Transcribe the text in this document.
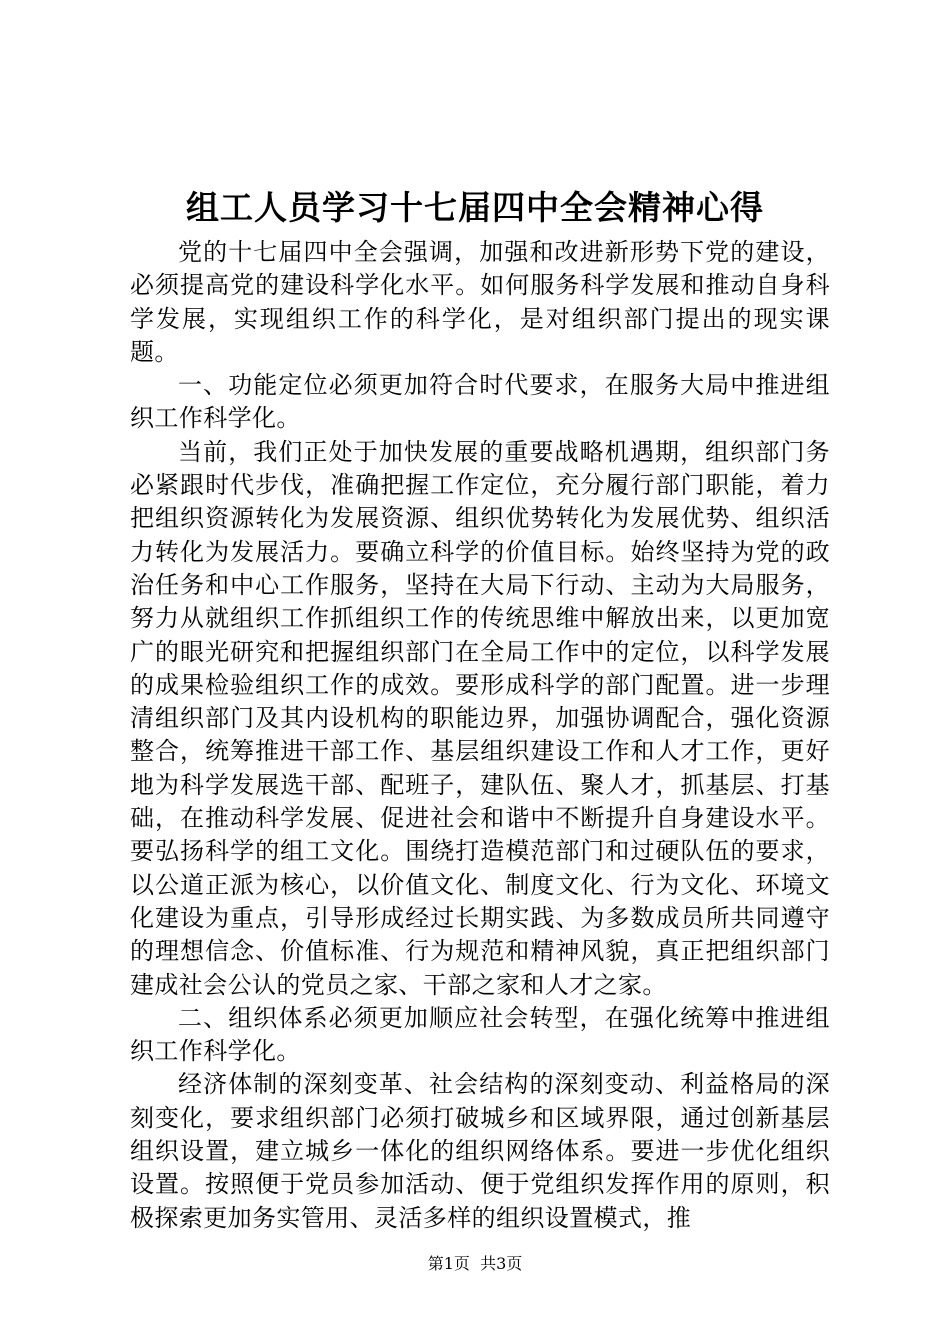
组工人员学习十七届四中全会精神心得

党的十七届四中全会强调，加强和改进新形势下党的建设，必须提高党的建设科学化水平。如何服务科学发展和推动自身科学发展，实现组织工作的科学化，是对组织部门提出的现实课题。

一、功能定位必须更加符合时代要求，在服务大局中推进组织工作科学化。

当前，我们正处于加快发展的重要战略机遇期，组织部门务必紧跟时代步伐，准确把握工作定位，充分履行部门职能，着力把组织资源转化为发展资源、组织优势转化为发展优势、组织活力转化为发展活力。要确立科学的价值目标。始终坚持为党的政治任务和中心工作服务，坚持在大局下行动、主动为大局服务，努力从就组织工作抓组织工作的传统思维中解放出来，以更加宽广的眼光研究和把握组织部门在全局工作中的定位，以科学发展的成果检验组织工作的成效。要形成科学的部门配置。进一步理清组织部门及其内设机构的职能边界，加强协调配合，强化资源整合，统筹推进干部工作、基层组织建设工作和人才工作，更好地为科学发展选干部、配班子，建队伍、聚人才，抓基层、打基础，在推动科学发展、促进社会和谐中不断提升自身建设水平。要弘扬科学的组工文化。围绕打造模范部门和过硬队伍的要求，以公道正派为核心，以价值文化、制度文化、行为文化、环境文化建设为重点，引导形成经过长期实践、为多数成员所共同遵守的理想信念、价值标准、行为规范和精神风貌，真正把组织部门建成社会公认的党员之家、干部之家和人才之家。

二、组织体系必须更加顺应社会转型，在强化统筹中推进组织工作科学化。

经济体制的深刻变革、社会结构的深刻变动、利益格局的深刻变化，要求组织部门必须打破城乡和区域界限，通过创新基层组织设置，建立城乡一体化的组织网络体系。要进一步优化组织设置。按照便于党员参加活动、便于党组织发挥作用的原则，积极探索更加务实管用、灵活多样的组织设置模式，推

第1页 共3页
